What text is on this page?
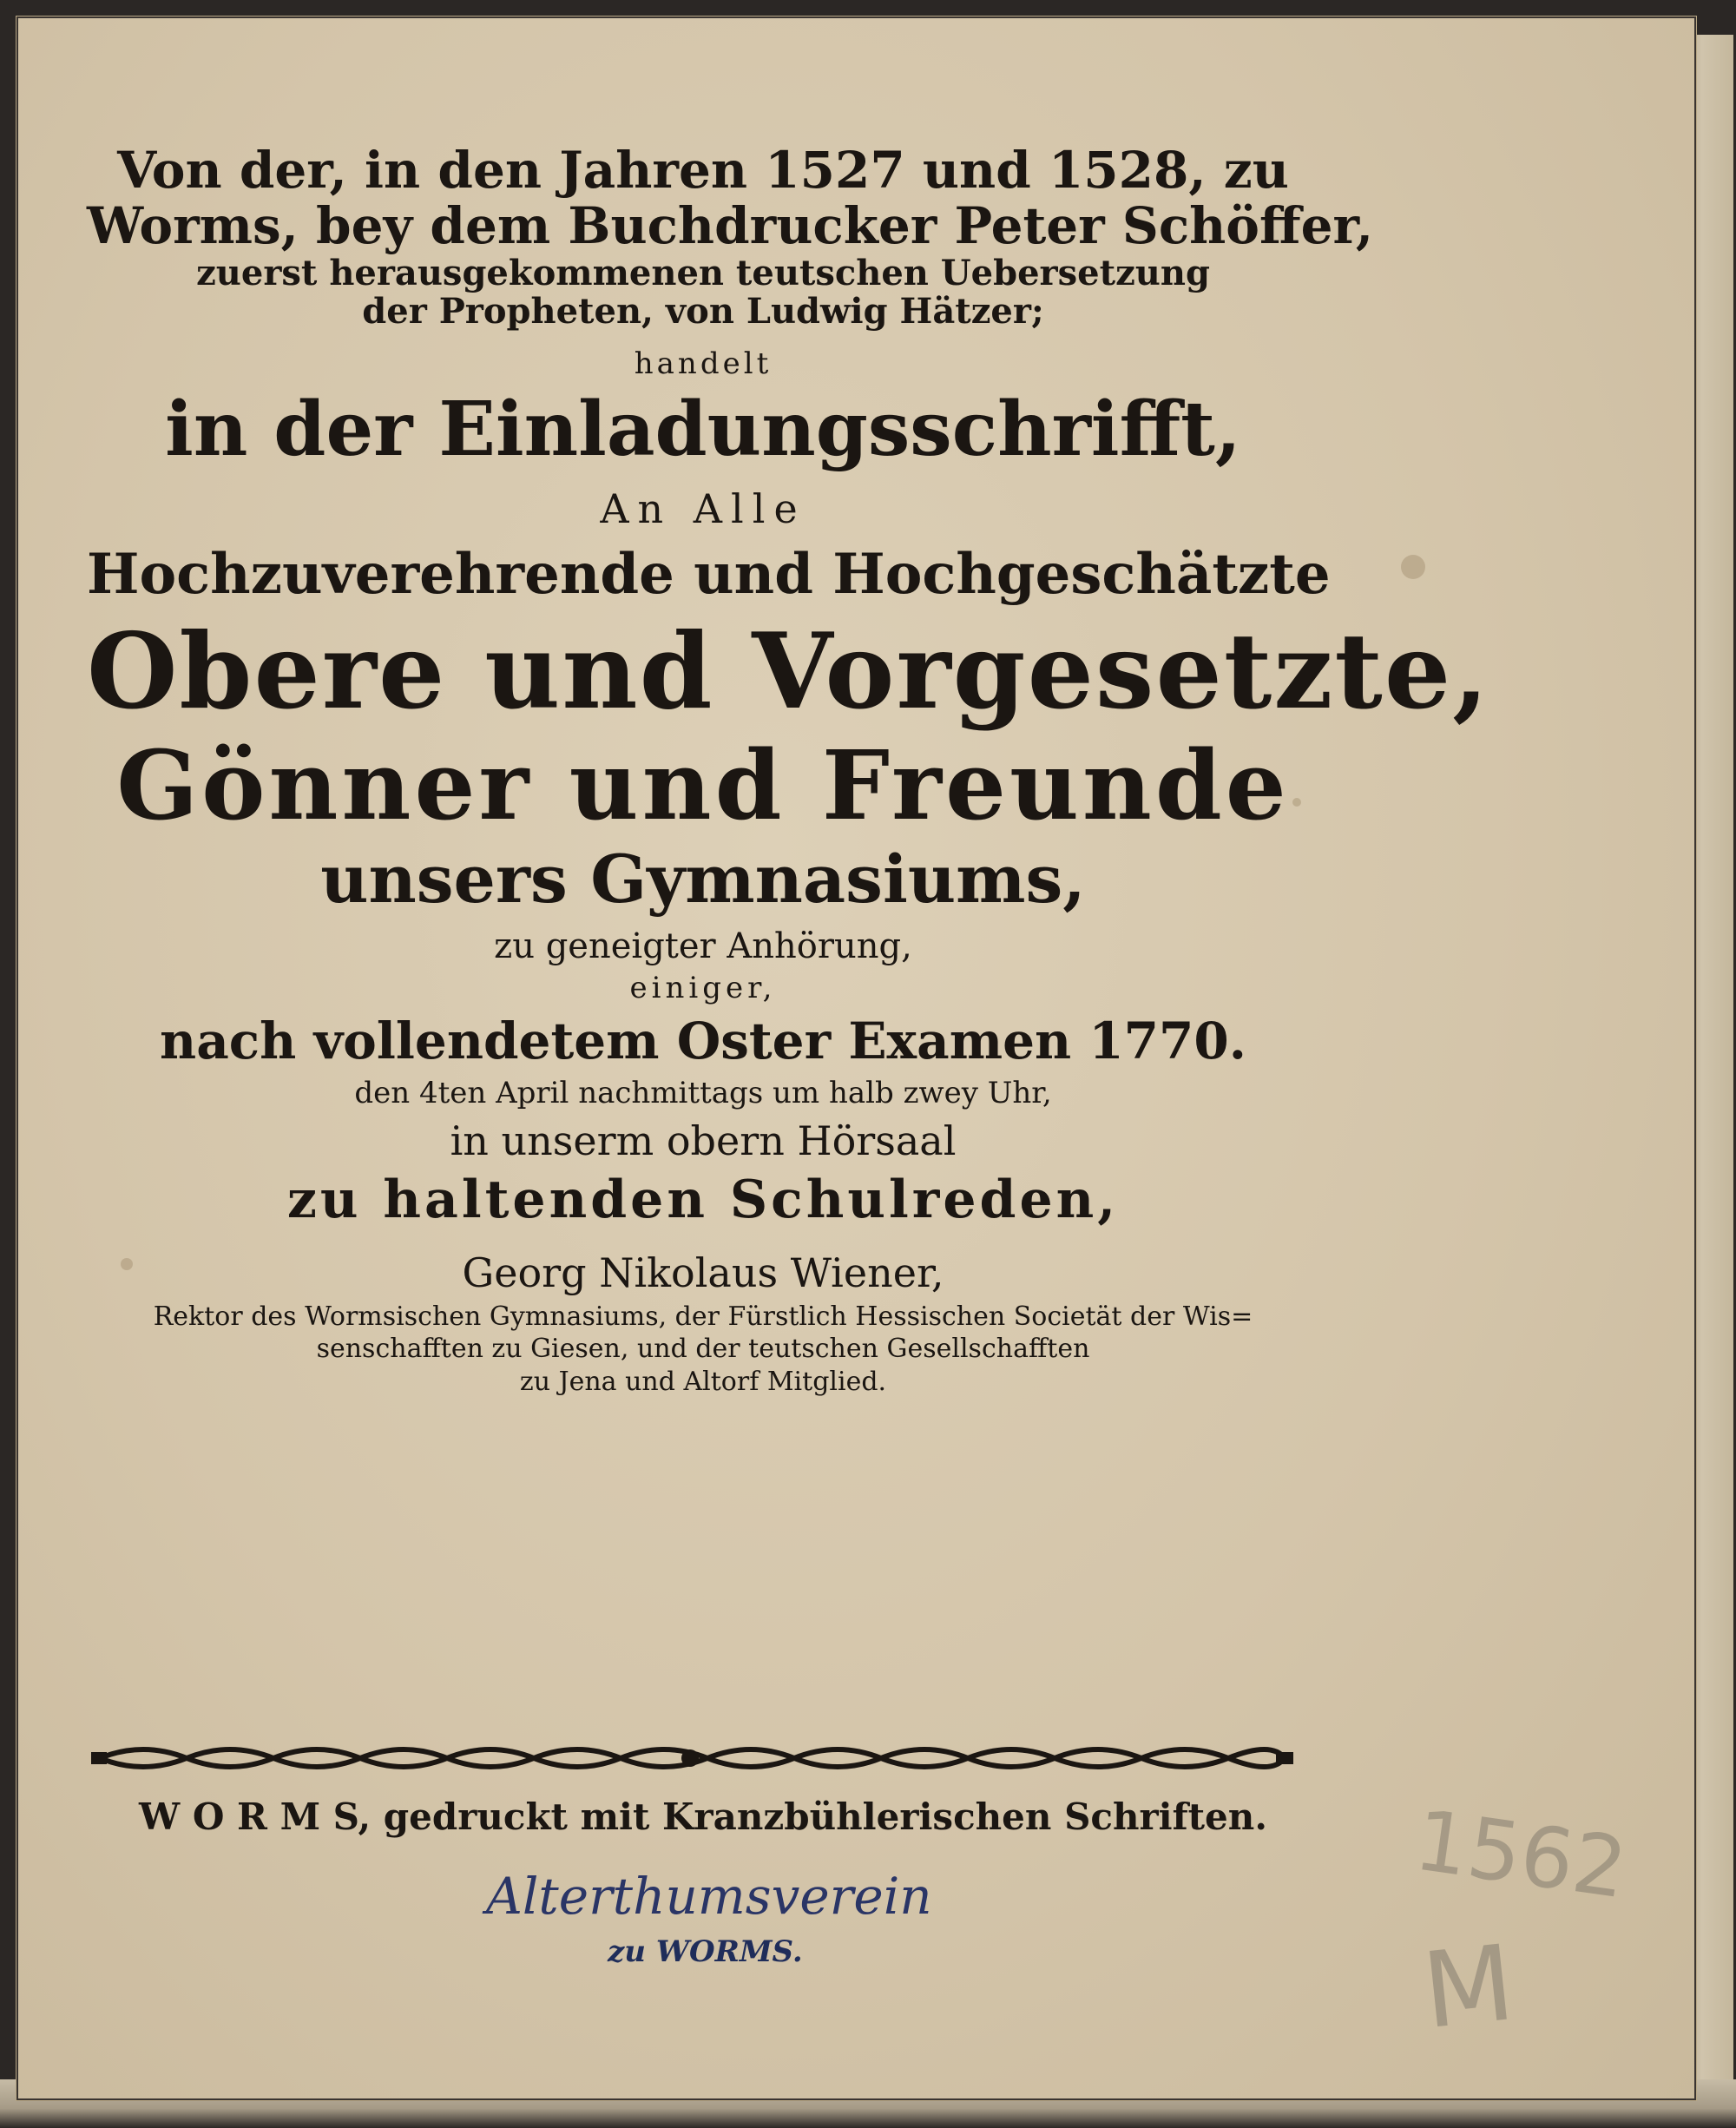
Von der, in den Jahren 1527 und 1528, zu
Worms, bey dem Buchdrucker Peter Schöffer,
zuerst herausgekommenen teutschen Uebersetzung
der Propheten, von Ludwig Hätzer;
handelt
in der Einladungsschrifft,
An Alle
Hochzuverehrende und Hochgeschätzte
Obere und Vorgesetzte,
Gönner und Freunde
unsers Gymnasiums,
zu geneigter Anhörung,
einiger,
nach vollendetem Oster Examen 1770.
den 4ten April nachmittags um halb zwey Uhr,
in unserm obern Hörsaal
zu haltenden Schulreden,
Georg Nikolaus Wiener,
Rektor des Wormsischen Gymnasiums, der Fürstlich Hessischen Societät der Wis=
senschafften zu Giesen, und der teutschen Gesellschafften
zu Jena und Altorf Mitglied.
W O R M S, gedruckt mit Kranzbühlerischen Schriften.
Alterthumsverein
zu WORMS.
1562
M
